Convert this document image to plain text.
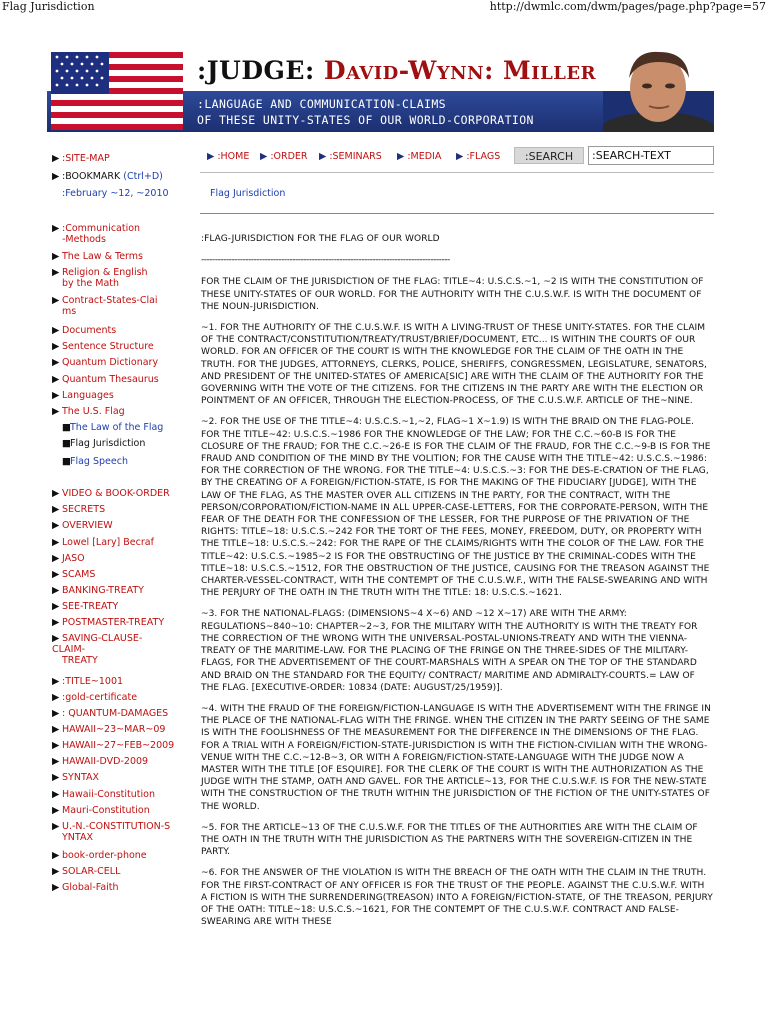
Flag Jurisdiction	http://dwmlc.com/dwm/pages/page.php?page=57
:JUDGE: David-Wynn: Miller
:LANGUAGE AND COMMUNICATION-CLAIMS
OF THESE UNITY-STATES OF OUR WORLD-CORPORATION
▶ :HOME ▶ :ORDER ▶ :SEMINARS ▶ :MEDIA ▶ :FLAGS	:SEARCH
:SEARCH-TEXT
Flag Jurisdiction
▶ :SITE-MAP
▶ :BOOKMARK (Ctrl+D)
:February ~12, ~2010
▶ :Communication
-Methods
▶ The Law & Terms
▶ Religion & English
by the Math
▶ Contract-States-Clai
ms
▶ Documents
▶ Sentence Structure
▶ Quantum Dictionary
▶ Quantum Thesaurus
▶ Languages
▶ The U.S. Flag
■The Law of the Flag
■Flag Jurisdiction
■Flag Speech
▶ VIDEO & BOOK-ORDER
▶ SECRETS
▶ OVERVIEW
▶ Lowel [Lary] Becraf
▶ JASO
▶ SCAMS
▶ BANKING-TREATY
▶ SEE-TREATY
▶ POSTMASTER-TREATY
▶ SAVING-CLAUSE-
CLAIM-
TREATY
▶ :TITLE~1001
▶ :gold-certificate
▶ : QUANTUM-DAMAGES
▶ HAWAII~23~MAR~09
▶ HAWAII~27~FEB~2009
▶ HAWAII-DVD-2009
▶ SYNTAX
▶ Hawaii-Constitution
▶ Mauri-Constitution
▶ U.-N.-CONSTITUTION-S
YNTAX
▶ book-order-phone
▶ SOLAR-CELL
▶ Global-Faith

:FLAG-JURISDICTION FOR THE FLAG OF OUR WORLD

------------------------------------------------------------------------------------------

FOR THE CLAIM OF THE JURISDICTION OF THE FLAG: TITLE~4: U.S.C.S.~1, ~2 IS WITH THE CONSTITUTION OF THESE UNITY-STATES OF OUR WORLD. FOR THE AUTHORITY WITH THE C.U.S.W.F. IS WITH THE DOCUMENT OF THE NOUN-JURISDICTION.

~1. FOR THE AUTHORITY OF THE C.U.S.W.F. IS WITH A LIVING-TRUST OF THESE UNITY-STATES. FOR THE CLAIM OF THE CONTRACT/CONSTITUTION/TREATY/TRUST/BRIEF/DOCUMENT, ETC... IS WITHIN THE COURTS OF OUR WORLD. FOR AN OFFICER OF THE COURT IS WITH THE KNOWLEDGE FOR THE CLAIM OF THE OATH IN THE TRUTH. FOR THE JUDGES, ATTORNEYS, CLERKS, POLICE, SHERIFFS, CONGRESSMEN, LEGISLATURE, SENATORS, AND PRESIDENT OF THE UNITED-STATES OF AMERICA[SIC] ARE WITH THE CLAIM OF THE AUTHORITY FOR THE GOVERNING WITH THE VOTE OF THE CITIZENS. FOR THE CITIZENS IN THE PARTY ARE WITH THE ELECTION OR POINTMENT OF AN OFFICER, THROUGH THE ELECTION-PROCESS, OF THE C.U.S.W.F. ARTICLE OF THE~NINE.

~2. FOR THE USE OF THE TITLE~4: U.S.C.S.~1,~2, FLAG~1 X~1.9) IS WITH THE BRAID ON THE FLAG-POLE. FOR THE TITLE~42: U.S.C.S.~1986 FOR THE KNOWLEDGE OF THE LAW; FOR THE C.C.~60-B IS FOR THE CLOSURE OF THE FRAUD; FOR THE C.C.~26-E IS FOR THE CLAIM OF THE FRAUD, FOR THE C.C.~9-B IS FOR THE FRAUD AND CONDITION OF THE MIND BY THE VOLITION; FOR THE CAUSE WITH THE TITLE~42: U.S.C.S.~1986: FOR THE CORRECTION OF THE WRONG. FOR THE TITLE~4: U.S.C.S.~3: FOR THE DES-E-CRATION OF THE FLAG, BY THE CREATING OF A FOREIGN/FICTION-STATE, IS FOR THE MAKING OF THE FIDUCIARY [JUDGE], WITH THE LAW OF THE FLAG, AS THE MASTER OVER ALL CITIZENS IN THE PARTY, FOR THE CONTRACT, WITH THE PERSON/CORPORATION/FICTION-NAME IN ALL UPPER-CASE-LETTERS, FOR THE CORPORATE-PERSON, WITH THE FEAR OF THE DEATH FOR THE CONFESSION OF THE LESSER, FOR THE PURPOSE OF THE PRIVATION OF THE RIGHTS: TITLE~18: U.S.C.S.~242 FOR THE TORT OF THE FEES, MONEY, FREEDOM, DUTY, OR PROPERTY WITH THE TITLE~18: U.S.C.S.~242: FOR THE RAPE OF THE CLAIMS/RIGHTS WITH THE COLOR OF THE LAW. FOR THE TITLE~42: U.S.C.S.~1985~2 IS FOR THE OBSTRUCTING OF THE JUSTICE BY THE CRIMINAL-CODES WITH THE TITLE~18: U.S.C.S.~1512, FOR THE OBSTRUCTION OF THE JUSTICE, CAUSING FOR THE TREASON AGAINST THE CHARTER-VESSEL-CONTRACT, WITH THE CONTEMPT OF THE C.U.S.W.F., WITH THE FALSE-SWEARING AND WITH THE PERJURY OF THE OATH IN THE TRUTH WITH THE TITLE: 18: U.S.C.S.~1621.

~3. FOR THE NATIONAL-FLAGS: (DIMENSIONS~4 X~6) AND ~12 X~17) ARE WITH THE ARMY: REGULATIONS~840~10: CHAPTER~2~3, FOR THE MILITARY WITH THE AUTHORITY IS WITH THE TREATY FOR THE CORRECTION OF THE WRONG WITH THE UNIVERSAL-POSTAL-UNIONS-TREATY AND WITH THE VIENNA-TREATY OF THE MARITIME-LAW. FOR THE PLACING OF THE FRINGE ON THE THREE-SIDES OF THE MILITARY-FLAGS, FOR THE ADVERTISEMENT OF THE COURT-MARSHALS WITH A SPEAR ON THE TOP OF THE STANDARD AND BRAID ON THE STANDARD FOR THE EQUITY/ CONTRACT/ MARITIME AND ADMIRALTY-COURTS.= LAW OF THE FLAG. [EXECUTIVE-ORDER: 10834 (DATE: AUGUST/25/1959)].

~4. WITH THE FRAUD OF THE FOREIGN/FICTION-LANGUAGE IS WITH THE ADVERTISEMENT WITH THE FRINGE IN THE PLACE OF THE NATIONAL-FLAG WITH THE FRINGE. WHEN THE CITIZEN IN THE PARTY SEEING OF THE SAME IS WITH THE FOOLISHNESS OF THE MEASUREMENT FOR THE DIFFERENCE IN THE DIMENSIONS OF THE FLAG. FOR A TRIAL WITH A FOREIGN/FICTION-STATE-JURISDICTION IS WITH THE FICTION-CIVILIAN WITH THE WRONG-VENUE WITH THE C.C.~12-B~3, OR WITH A FOREIGN/FICTION-STATE-LANGUAGE WITH THE JUDGE NOW A MASTER WITH THE TITLE [OF ESQUIRE]. FOR THE CLERK OF THE COURT IS WITH THE AUTHORIZATION AS THE JUDGE WITH THE STAMP, OATH AND GAVEL. FOR THE ARTICLE~13, FOR THE C.U.S.W.F. IS FOR THE NEW-STATE WITH THE CONSTRUCTION OF THE TRUTH WITHIN THE JURISDICTION OF THE FICTION OF THE UNITY-STATES OF THE WORLD.

~5. FOR THE ARTICLE~13 OF THE C.U.S.W.F. FOR THE TITLES OF THE AUTHORITIES ARE WITH THE CLAIM OF THE OATH IN THE TRUTH WITH THE JURISDICTION AS THE PARTNERS WITH THE SOVEREIGN-CITIZEN IN THE PARTY.

~6. FOR THE ANSWER OF THE VIOLATION IS WITH THE BREACH OF THE OATH WITH THE CLAIM IN THE TRUTH. FOR THE FIRST-CONTRACT OF ANY OFFICER IS FOR THE TRUST OF THE PEOPLE. AGAINST THE C.U.S.W.F. WITH A FICTION IS WITH THE SURRENDERING(TREASON) INTO A FOREIGN/FICTION-STATE, OF THE TREASON, PERJURY OF THE OATH: TITLE~18: U.S.C.S.~1621, FOR THE CONTEMPT OF THE C.U.S.W.F. CONTRACT AND FALSE-SWEARING ARE WITH THESE
